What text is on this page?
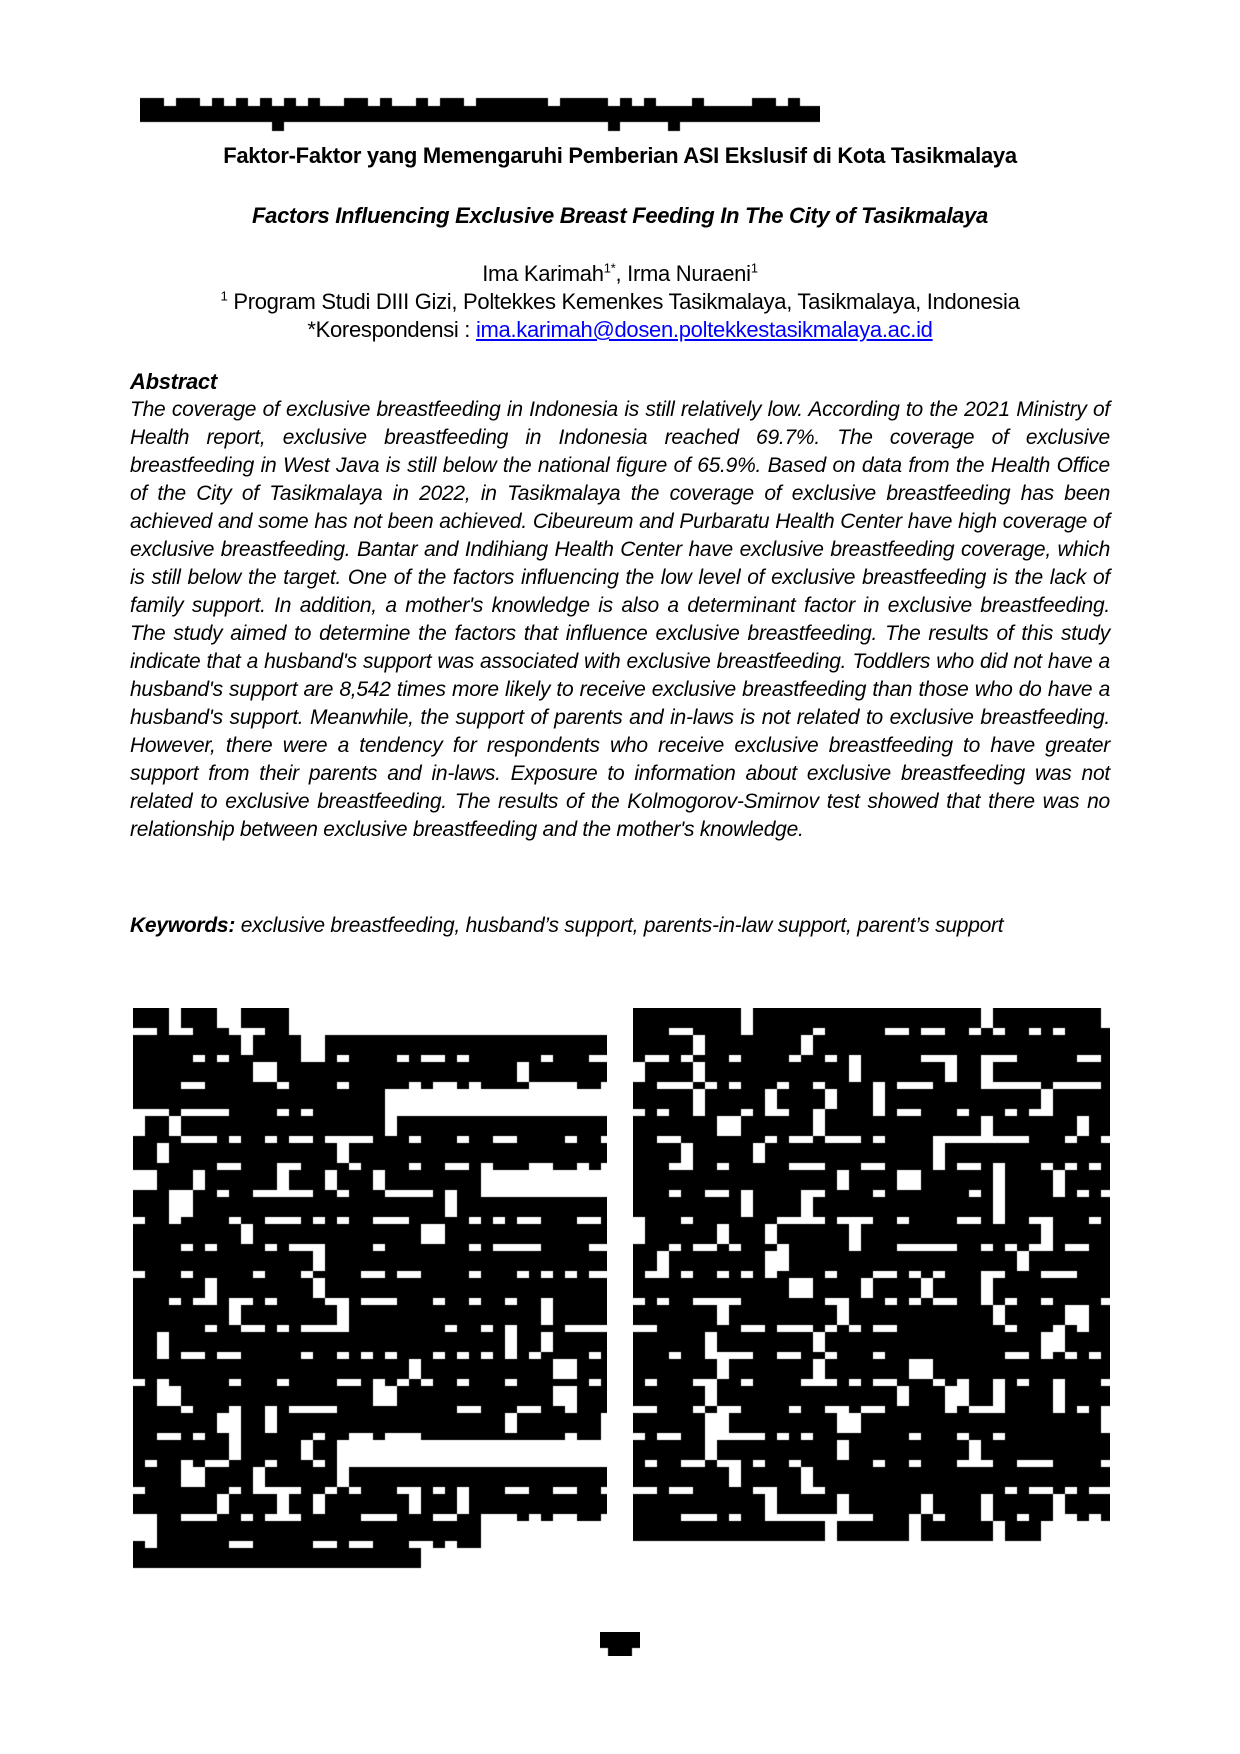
Faktor-Faktor yang Memengaruhi Pemberian ASI Ekslusif di Kota Tasikmalaya
Factors Influencing Exclusive Breast Feeding In The City of Tasikmalaya
Ima Karimah$^{1*}$, Irma Nuraeni$^1$
$^1$ Program Studi DIII Gizi, Poltekkes Kemenkes Tasikmalaya, Tasikmalaya, Indonesia
*Korespondensi : ima.karimah@dosen.poltekkestasikmalaya.ac.id
Abstract

The coverage of exclusive breastfeeding in Indonesia is still relatively low. According to the 2021 Ministry of Health report, exclusive breastfeeding in Indonesia reached 69.7%. The coverage of exclusive breastfeeding in West Java is still below the national figure of 65.9%. Based on data from the Health Office of the City of Tasikmalaya in 2022, in Tasikmalaya the coverage of exclusive breastfeeding has been achieved and some has not been achieved. Cibeureum and Purbaratu Health Center have high coverage of exclusive breastfeeding. Bantar and Indihiang Health Center have exclusive breastfeeding coverage, which is still below the target. One of the factors influencing the low level of exclusive breastfeeding is the lack of family support. In addition, a mother's knowledge is also a determinant factor in exclusive breastfeeding. The study aimed to determine the factors that influence exclusive breastfeeding. The results of this study indicate that a husband's support was associated with exclusive breastfeeding. Toddlers who did not have a husband's support are 8,542 times more likely to receive exclusive breastfeeding than those who do have a husband's support. Meanwhile, the support of parents and in-laws is not related to exclusive breastfeeding. However, there were a tendency for respondents who receive exclusive breastfeeding to have greater support from their parents and in-laws. Exposure to information about exclusive breastfeeding was not related to exclusive breastfeeding. The results of the Kolmogorov-Smirnov test showed that there was no relationship between exclusive breastfeeding and the mother's knowledge.

Keywords: exclusive breastfeeding, husband’s support, parents-in-law support, parent’s support
